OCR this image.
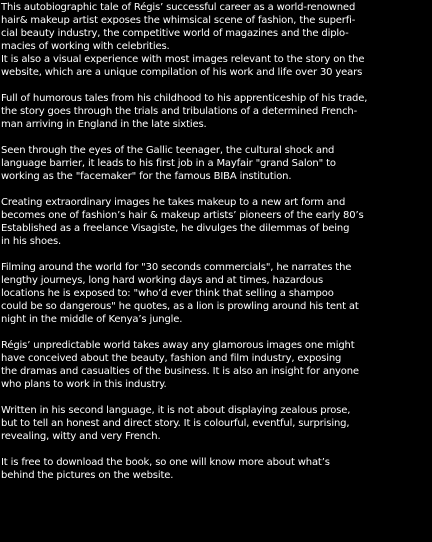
This autobiographic tale of Régis’ successful career as a world-renowned
hair& makeup artist exposes the whimsical scene of fashion, the superfi-
cial beauty industry, the competitive world of magazines and the diplo-
macies of working with celebrities.
It is also a visual experience with most images relevant to the story on the
website, which are a unique compilation of his work and life over 30 years

Full of humorous tales from his childhood to his apprenticeship of his trade,
the story goes through the trials and tribulations of a determined French-
man arriving in England in the late sixties.

Seen through the eyes of the Gallic teenager, the cultural shock and
language barrier, it leads to his first job in a Mayfair "grand Salon" to
working as the "facemaker" for the famous BIBA institution.

Creating extraordinary images he takes makeup to a new art form and
becomes one of fashion’s hair & makeup artists’ pioneers of the early 80’s
Established as a freelance Visagiste, he divulges the dilemmas of being
in his shoes.

Filming around the world for "30 seconds commercials", he narrates the
lengthy journeys, long hard working days and at times, hazardous
locations he is exposed to: "who’d ever think that selling a shampoo
could be so dangerous" he quotes, as a lion is prowling around his tent at
night in the middle of Kenya’s jungle.

Régis’ unpredictable world takes away any glamorous images one might
have conceived about the beauty, fashion and film industry, exposing
the dramas and casualties of the business. It is also an insight for anyone
who plans to work in this industry.

Written in his second language, it is not about displaying zealous prose,
but to tell an honest and direct story. It is colourful, eventful, surprising,
revealing, witty and very French.

It is free to download the book, so one will know more about what’s
behind the pictures on the website.
